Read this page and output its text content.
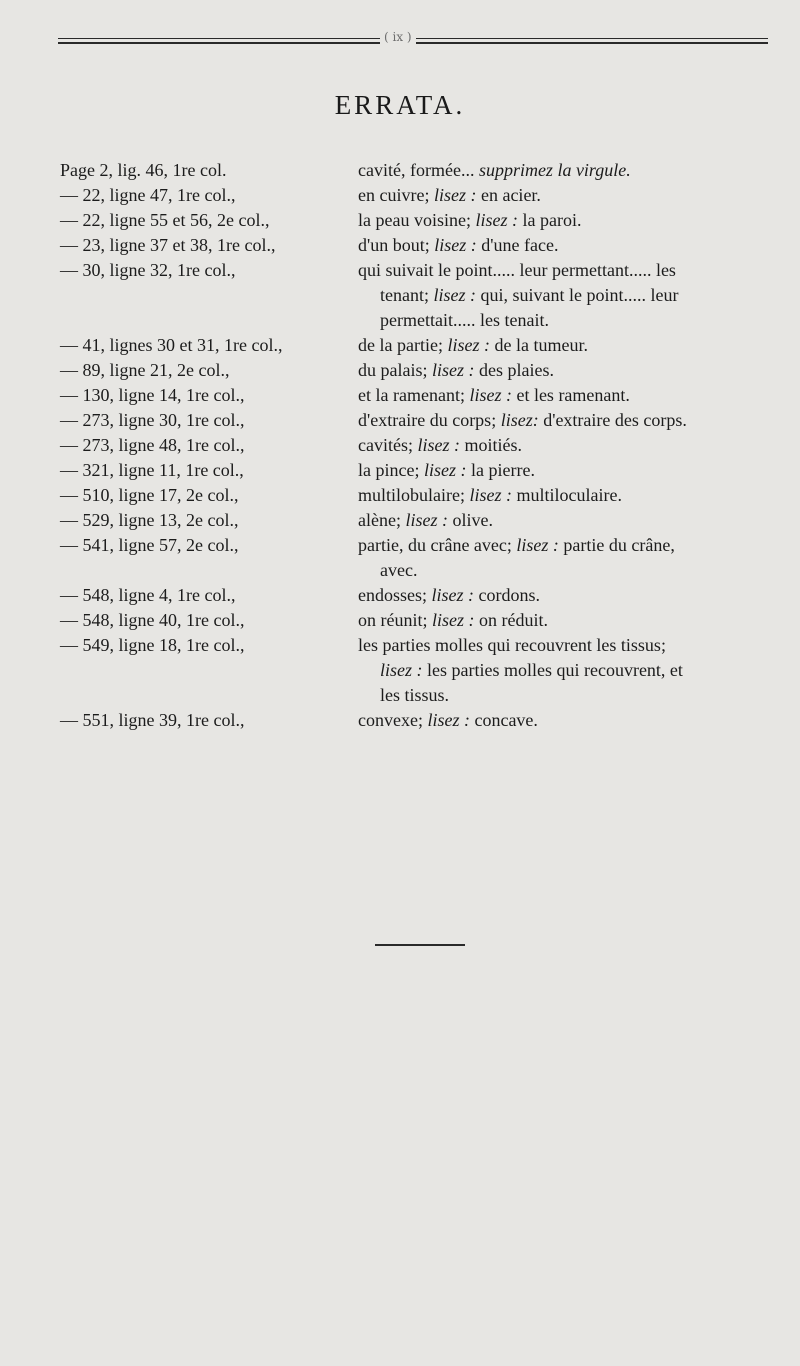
( ix )
ERRATA.
Page 2, lig. 46, 1re col.	cavité, formée... supprimez la virgule.
— 22, ligne 47, 1re col.,	en cuivre; lisez : en acier.
— 22, ligne 55 et 56, 2e col.,	la peau voisine; lisez : la paroi.
— 23, ligne 37 et 38, 1re col.,	d'un bout; lisez : d'une face.
— 30, ligne 32, 1re col.,	qui suivait le point..... leur permettant..... les
tenant; lisez : qui, suivant le point..... leur
permettait..... les tenait.
— 41, lignes 30 et 31, 1re col.,	de la partie; lisez : de la tumeur.
— 89, ligne 21, 2e col.,	du palais; lisez : des plaies.
— 130, ligne 14, 1re col.,	et la ramenant; lisez : et les ramenant.
— 273, ligne 30, 1re col.,	d'extraire du corps; lisez: d'extraire des corps.
— 273, ligne 48, 1re col.,	cavités; lisez : moitiés.
— 321, ligne 11, 1re col.,	la pince; lisez : la pierre.
— 510, ligne 17, 2e col.,	multilobulaire; lisez : multiloculaire.
— 529, ligne 13, 2e col.,	alène; lisez : olive.
— 541, ligne 57, 2e col.,	partie, du crâne avec; lisez : partie du crâne,
avec.
— 548, ligne 4, 1re col.,	endosses; lisez : cordons.
— 548, ligne 40, 1re col.,	on réunit; lisez : on réduit.
— 549, ligne 18, 1re col.,	les parties molles qui recouvrent les tissus;
lisez : les parties molles qui recouvrent, et
les tissus.
— 551, ligne 39, 1re col.,	convexe; lisez : concave.
